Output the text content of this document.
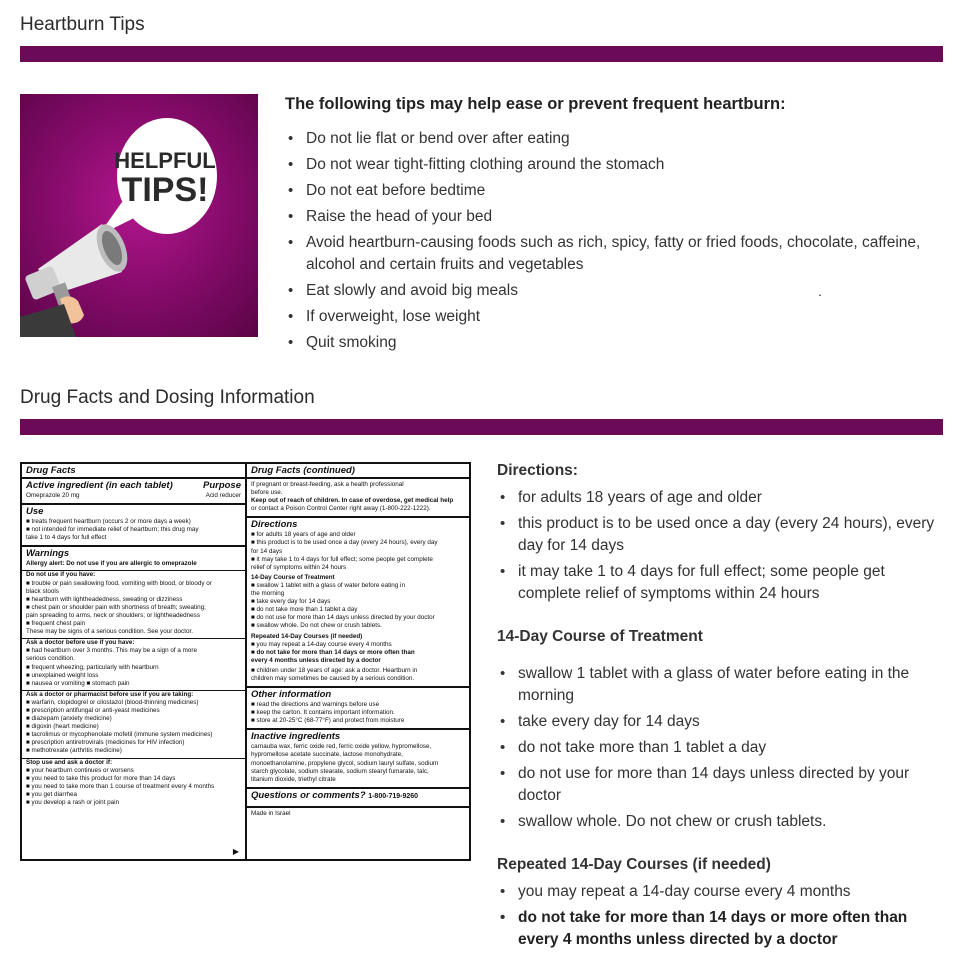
Heartburn Tips
HELPFUL
TIPS!
The following tips may help ease or prevent frequent heartburn:
• Do not lie flat or bend over after eating
• Do not wear tight-fitting clothing around the stomach
• Do not eat before bedtime
• Raise the head of your bed
• Avoid heartburn-causing foods such as rich, spicy, fatty or fried foods, chocolate, caffeine, alcohol and certain fruits and vegetables
• Eat slowly and avoid big meals
• If overweight, lose weight
• Quit smoking
.
Drug Facts and Dosing Information
Drug Facts
Active ingredient (in each tablet)	Purpose
Omeprazole 20 mg	Acid reducer
Use
■ treats frequent heartburn (occurs 2 or more days a week)
■ not intended for immediate relief of heartburn; this drug may
take 1 to 4 days for full effect
Warnings
Allergy alert: Do not use if you are allergic to omeprazole
Do not use if you have:
■ trouble or pain swallowing food, vomiting with blood, or bloody or
black stools
■ heartburn with lightheadedness, sweating or dizziness
■ chest pain or shoulder pain with shortness of breath; sweating;
pain spreading to arms, neck or shoulders; or lightheadedness
■ frequent chest pain
These may be signs of a serious condition. See your doctor.
Ask a doctor before use if you have:
■ had heartburn over 3 months. This may be a sign of a more
serious condition.
■ frequent wheezing, particularly with heartburn
■ unexplained weight loss
■ nausea or vomiting ■ stomach pain
Ask a doctor or pharmacist before use if you are taking:
■ warfarin, clopidogrel or cilostazol (blood-thinning medicines)
■ prescription antifungal or anti-yeast medicines
■ diazepam (anxiety medicine)
■ digoxin (heart medicine)
■ tacrolimus or mycophenolate mofetil (immune system medicines)
■ prescription antiretrovirals (medicines for HIV infection)
■ methotrexate (arthritis medicine)
Stop use and ask a doctor if:
■ your heartburn continues or worsens
■ you need to take this product for more than 14 days
■ you need to take more than 1 course of treatment every 4 months
■ you get diarrhea
■ you develop a rash or joint pain
▶
Drug Facts (continued)
If pregnant or breast-feeding, ask a health professional
before use.
Keep out of reach of children. In case of overdose, get medical help
or contact a Poison Control Center right away (1-800-222-1222).
Directions
■ for adults 18 years of age and older
■ this product is to be used once a day (every 24 hours), every day
for 14 days
■ it may take 1 to 4 days for full effect; some people get complete
relief of symptoms within 24 hours
14-Day Course of Treatment
■ swallow 1 tablet with a glass of water before eating in
the morning
■ take every day for 14 days
■ do not take more than 1 tablet a day
■ do not use for more than 14 days unless directed by your doctor
■ swallow whole. Do not chew or crush tablets.
Repeated 14-Day Courses (if needed)
■ you may repeat a 14-day course every 4 months
■ do not take for more than 14 days or more often than
every 4 months unless directed by a doctor
■ children under 18 years of age: ask a doctor. Heartburn in
children may sometimes be caused by a serious condition.
Other information
■ read the directions and warnings before use
■ keep the carton. It contains important information.
■ store at 20-25°C (68-77°F) and protect from moisture
Inactive ingredients
carnauba wax, ferric oxide red, ferric oxide yellow, hypromellose,
hypromellose acetate succinate, lactose monohydrate,
monoethanolamine, propylene glycol, sodium lauryl sulfate, sodium
starch glycolate, sodium stearate, sodium stearyl fumarate, talc,
titanium dioxide, triethyl citrate
Questions or comments? 1-800-719-9260
Made in Israel
Directions:
• for adults 18 years of age and older
• this product is to be used once a day (every 24 hours), every day for 14 days
• it may take 1 to 4 days for full effect; some people get complete relief of symptoms within 24 hours
14-Day Course of Treatment
• swallow 1 tablet with a glass of water before eating in the morning
• take every day for 14 days
• do not take more than 1 tablet a day
• do not use for more than 14 days unless directed by your doctor
• swallow whole. Do not chew or crush tablets.
Repeated 14-Day Courses (if needed)
• you may repeat a 14-day course every 4 months
• do not take for more than 14 days or more often than every 4 months unless directed by a doctor
